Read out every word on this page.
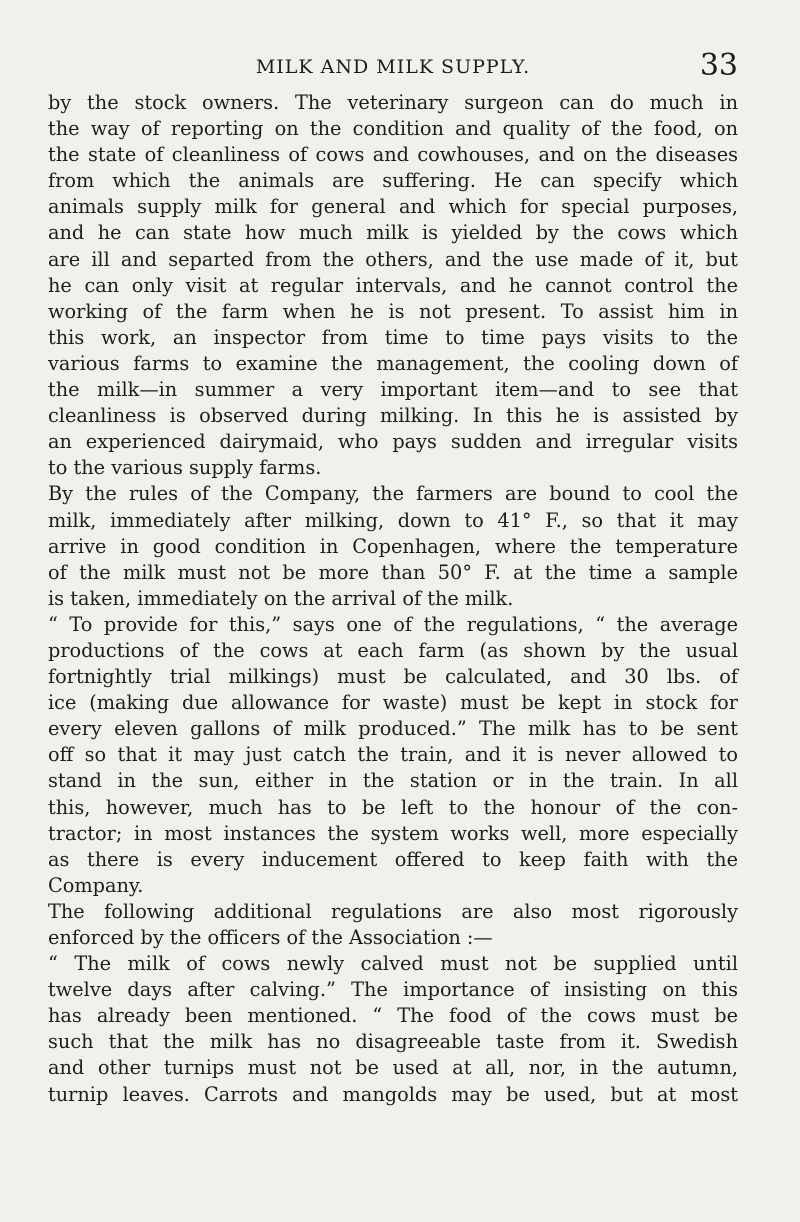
MILK AND MILK SUPPLY.	33
by the stock owners. The veterinary surgeon can do much in
the way of reporting on the condition and quality of the food, on
the state of cleanliness of cows and cowhouses, and on the diseases
from which the animals are suffering. He can specify which
animals supply milk for general and which for special purposes,
and he can state how much milk is yielded by the cows which
are ill and separted from the others, and the use made of it, but
he can only visit at regular intervals, and he cannot control the
working of the farm when he is not present. To assist him in
this work, an inspector from time to time pays visits to the
various farms to examine the management, the cooling down of
the milk—in summer a very important item—and to see that
cleanliness is observed during milking. In this he is assisted by
an experienced dairymaid, who pays sudden and irregular visits
to the various supply farms.
By the rules of the Company, the farmers are bound to cool the
milk, immediately after milking, down to 41° F., so that it may
arrive in good condition in Copenhagen, where the temperature
of the milk must not be more than 50° F. at the time a sample
is taken, immediately on the arrival of the milk.
“ To provide for this,” says one of the regulations, “ the average
productions of the cows at each farm (as shown by the usual
fortnightly trial milkings) must be calculated, and 30 lbs. of
ice (making due allowance for waste) must be kept in stock for
every eleven gallons of milk produced.” The milk has to be sent
off so that it may just catch the train, and it is never allowed to
stand in the sun, either in the station or in the train. In all
this, however, much has to be left to the honour of the con-
tractor; in most instances the system works well, more especially
as there is every inducement offered to keep faith with the
Company.
The following additional regulations are also most rigorously
enforced by the officers of the Association :—
“ The milk of cows newly calved must not be supplied until
twelve days after calving.” The importance of insisting on this
has already been mentioned. “ The food of the cows must be
such that the milk has no disagreeable taste from it. Swedish
and other turnips must not be used at all, nor, in the autumn,
turnip leaves. Carrots and mangolds may be used, but at most
